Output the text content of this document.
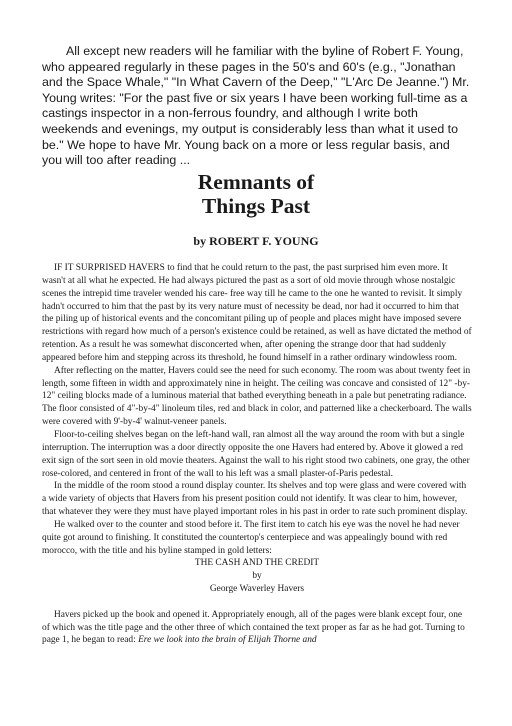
All except new readers will he familiar with the byline of Robert F. Young, who appeared regularly in these pages in the 50's and 60's (e.g., "Jonathan and the Space Whale," "In What Cavern of the Deep," "L'Arc De Jeanne.") Mr. Young writes: "For the past five or six years I have been working full-time as a castings inspector in a non-ferrous foundry, and although I write both weekends and evenings, my output is considerably less than what it used to be." We hope to have Mr. Young back on a more or less regular basis, and you will too after reading ...

Remnants of
Things Past

by ROBERT F. YOUNG

IF IT SURPRISED HAVERS to find that he could return to the past, the past surprised him even more. It wasn't at all what he expected. He had always pictured the past as a sort of old movie through whose nostalgic scenes the intrepid time traveler wended his care- free way till he came to the one he wanted to revisit. It simply hadn't occurred to him that the past by its very nature must of necessity be dead, nor had it occurred to him that the piling up of historical events and the concomitant piling up of people and places might have imposed severe restrictions with regard how much of a person's existence could be retained, as well as have dictated the method of retention. As a result he was somewhat disconcerted when, after opening the strange door that had suddenly appeared before him and stepping across its threshold, he found himself in a rather ordinary windowless room.

After reflecting on the matter, Havers could see the need for such economy. The room was about twenty feet in length, some fifteen in width and approximately nine in height. The ceiling was concave and consisted of 12" -by-12" ceiling blocks made of a luminous material that bathed everything beneath in a pale but penetrating radiance. The floor consisted of 4"-by-4" linoleum tiles, red and black in color, and patterned like a checkerboard. The walls were covered with 9'-by-4' walnut-veneer panels.

Floor-to-ceiling shelves began on the left-hand wall, ran almost all the way around the room with but a single interruption. The interruption was a door directly opposite the one Havers had entered by. Above it glowed a red exit sign of the sort seen in old movie theaters. Against the wall to his right stood two cabinets, one gray, the other rose-colored, and centered in front of the wall to his left was a small plaster-of-Paris pedestal.

In the middle of the room stood a round display counter. Its shelves and top were glass and were covered with a wide variety of objects that Havers from his present position could not identify. It was clear to him, however, that whatever they were they must have played important roles in his past in order to rate such prominent display.

He walked over to the counter and stood before it. The first item to catch his eye was the novel he had never quite got around to finishing. It constituted the countertop's centerpiece and was appealingly bound with red morocco, with the title and his byline stamped in gold letters:

THE CASH AND THE CREDIT

by

George Waverley Havers

Havers picked up the book and opened it. Appropriately enough, all of the pages were blank except four, one of which was the title page and the other three of which contained the text proper as far as he had got. Turning to page 1, he began to read: Ere we look into the brain of Elijah Thorne and
